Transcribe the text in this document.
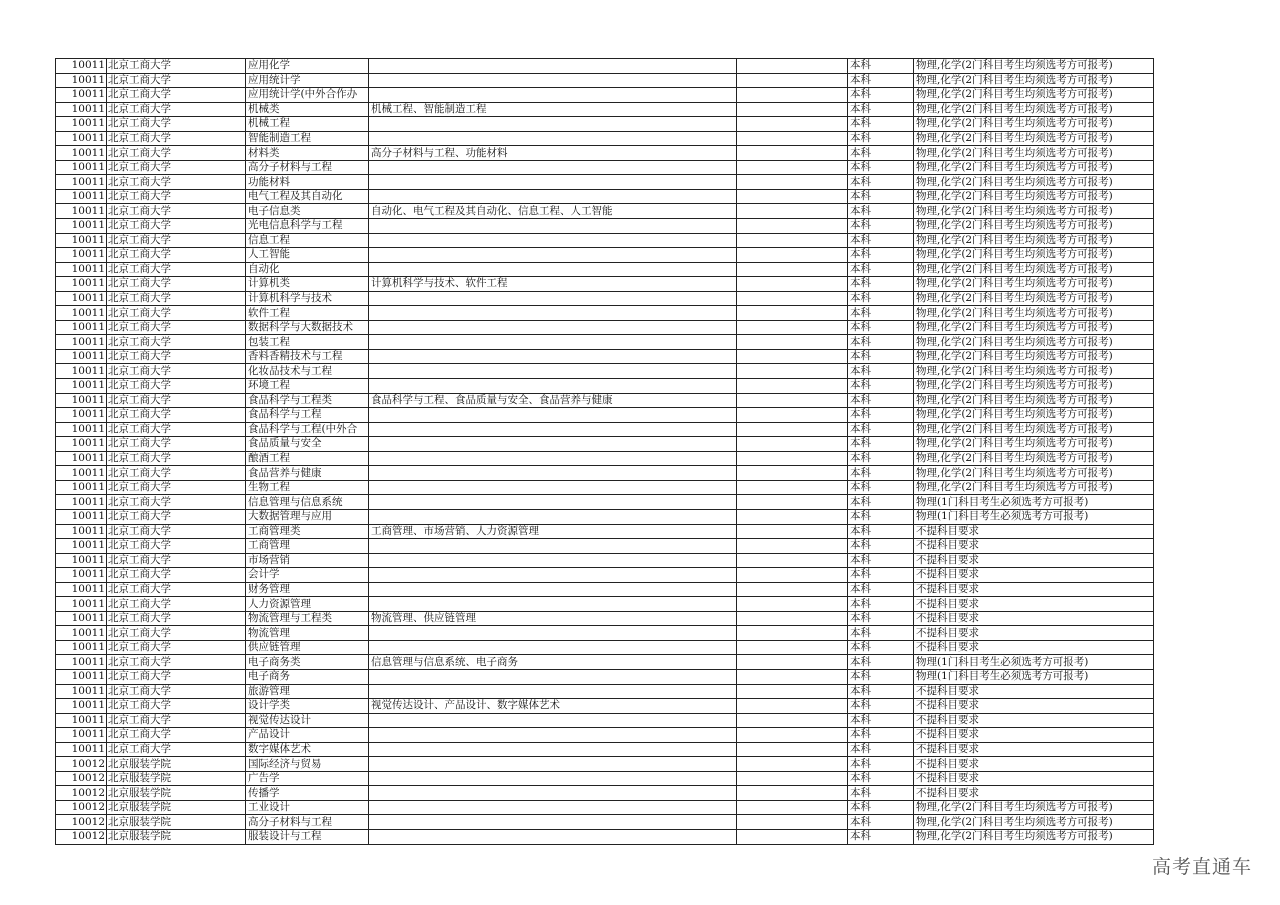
10011	北京工商大学	应用化学			本科	物理,化学(2门科目考生均须选考方可报考)
10011	北京工商大学	应用统计学			本科	物理,化学(2门科目考生均须选考方可报考)
10011	北京工商大学	应用统计学(中外合作办			本科	物理,化学(2门科目考生均须选考方可报考)
10011	北京工商大学	机械类	机械工程、智能制造工程		本科	物理,化学(2门科目考生均须选考方可报考)
10011	北京工商大学	机械工程			本科	物理,化学(2门科目考生均须选考方可报考)
10011	北京工商大学	智能制造工程			本科	物理,化学(2门科目考生均须选考方可报考)
10011	北京工商大学	材料类	高分子材料与工程、功能材料		本科	物理,化学(2门科目考生均须选考方可报考)
10011	北京工商大学	高分子材料与工程			本科	物理,化学(2门科目考生均须选考方可报考)
10011	北京工商大学	功能材料			本科	物理,化学(2门科目考生均须选考方可报考)
10011	北京工商大学	电气工程及其自动化			本科	物理,化学(2门科目考生均须选考方可报考)
10011	北京工商大学	电子信息类	自动化、电气工程及其自动化、信息工程、人工智能		本科	物理,化学(2门科目考生均须选考方可报考)
10011	北京工商大学	光电信息科学与工程			本科	物理,化学(2门科目考生均须选考方可报考)
10011	北京工商大学	信息工程			本科	物理,化学(2门科目考生均须选考方可报考)
10011	北京工商大学	人工智能			本科	物理,化学(2门科目考生均须选考方可报考)
10011	北京工商大学	自动化			本科	物理,化学(2门科目考生均须选考方可报考)
10011	北京工商大学	计算机类	计算机科学与技术、软件工程		本科	物理,化学(2门科目考生均须选考方可报考)
10011	北京工商大学	计算机科学与技术			本科	物理,化学(2门科目考生均须选考方可报考)
10011	北京工商大学	软件工程			本科	物理,化学(2门科目考生均须选考方可报考)
10011	北京工商大学	数据科学与大数据技术			本科	物理,化学(2门科目考生均须选考方可报考)
10011	北京工商大学	包装工程			本科	物理,化学(2门科目考生均须选考方可报考)
10011	北京工商大学	香料香精技术与工程			本科	物理,化学(2门科目考生均须选考方可报考)
10011	北京工商大学	化妆品技术与工程			本科	物理,化学(2门科目考生均须选考方可报考)
10011	北京工商大学	环境工程			本科	物理,化学(2门科目考生均须选考方可报考)
10011	北京工商大学	食品科学与工程类	食品科学与工程、食品质量与安全、食品营养与健康		本科	物理,化学(2门科目考生均须选考方可报考)
10011	北京工商大学	食品科学与工程			本科	物理,化学(2门科目考生均须选考方可报考)
10011	北京工商大学	食品科学与工程(中外合			本科	物理,化学(2门科目考生均须选考方可报考)
10011	北京工商大学	食品质量与安全			本科	物理,化学(2门科目考生均须选考方可报考)
10011	北京工商大学	酿酒工程			本科	物理,化学(2门科目考生均须选考方可报考)
10011	北京工商大学	食品营养与健康			本科	物理,化学(2门科目考生均须选考方可报考)
10011	北京工商大学	生物工程			本科	物理,化学(2门科目考生均须选考方可报考)
10011	北京工商大学	信息管理与信息系统			本科	物理(1门科目考生必须选考方可报考)
10011	北京工商大学	大数据管理与应用			本科	物理(1门科目考生必须选考方可报考)
10011	北京工商大学	工商管理类	工商管理、市场营销、人力资源管理		本科	不提科目要求
10011	北京工商大学	工商管理			本科	不提科目要求
10011	北京工商大学	市场营销			本科	不提科目要求
10011	北京工商大学	会计学			本科	不提科目要求
10011	北京工商大学	财务管理			本科	不提科目要求
10011	北京工商大学	人力资源管理			本科	不提科目要求
10011	北京工商大学	物流管理与工程类	物流管理、供应链管理		本科	不提科目要求
10011	北京工商大学	物流管理			本科	不提科目要求
10011	北京工商大学	供应链管理			本科	不提科目要求
10011	北京工商大学	电子商务类	信息管理与信息系统、电子商务		本科	物理(1门科目考生必须选考方可报考)
10011	北京工商大学	电子商务			本科	物理(1门科目考生必须选考方可报考)
10011	北京工商大学	旅游管理			本科	不提科目要求
10011	北京工商大学	设计学类	视觉传达设计、产品设计、数字媒体艺术		本科	不提科目要求
10011	北京工商大学	视觉传达设计			本科	不提科目要求
10011	北京工商大学	产品设计			本科	不提科目要求
10011	北京工商大学	数字媒体艺术			本科	不提科目要求
10012	北京服装学院	国际经济与贸易			本科	不提科目要求
10012	北京服装学院	广告学			本科	不提科目要求
10012	北京服装学院	传播学			本科	不提科目要求
10012	北京服装学院	工业设计			本科	物理,化学(2门科目考生均须选考方可报考)
10012	北京服装学院	高分子材料与工程			本科	物理,化学(2门科目考生均须选考方可报考)
10012	北京服装学院	服装设计与工程			本科	物理,化学(2门科目考生均须选考方可报考)
高考直通车
